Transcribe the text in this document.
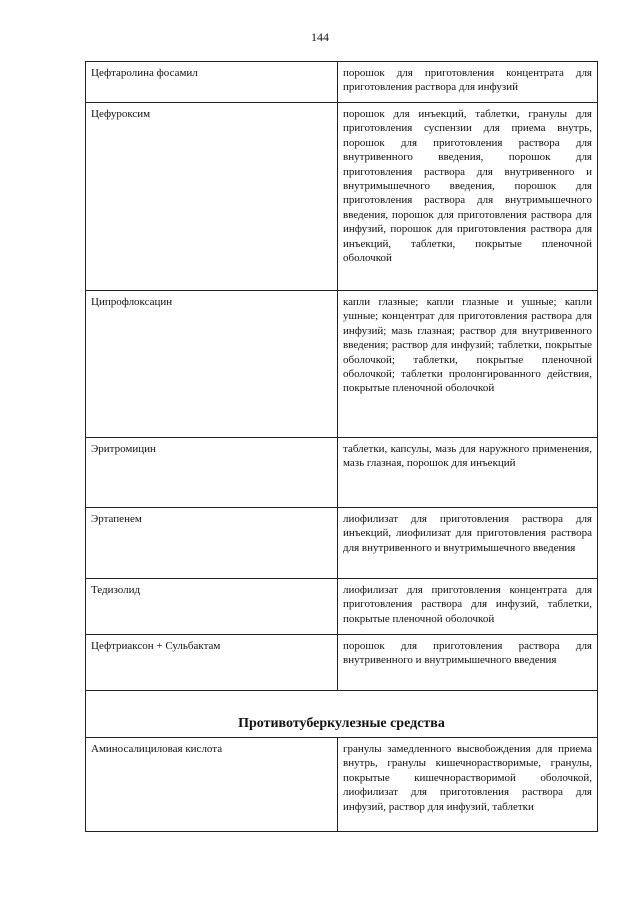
144
Цефтаролина фосамил	порошок для приготовления концентрата для приготовления раствора для инфузий
Цефуроксим	порошок для инъекций, таблетки, гранулы для приготовления суспензии для приема внутрь, порошок для приготовления раствора для внутривенного введения, порошок для приготовления раствора для внутривенного и внутримышечного введения, порошок для приготовления раствора для внутримышечного введения, порошок для приготовления раствора для инфузий, порошок для приготовления раствора для инъекций, таблетки, покрытые пленочной оболочкой
Ципрофлоксацин	капли глазные; капли глазные и ушные; капли ушные; концентрат для приготовления раствора для инфузий; мазь глазная; раствор для внутривенного введения; раствор для инфузий; таблетки, покрытые оболочкой; таблетки, покрытые пленочной оболочкой; таблетки пролонгированного действия, покрытые пленочной оболочкой
Эритромицин	таблетки, капсулы, мазь для наружного применения, мазь глазная, порошок для инъекций
Эртапенем	лиофилизат для приготовления раствора для инъекций, лиофилизат для приготовления раствора для внутривенного и внутримышечного введения
Тедизолид	лиофилизат для приготовления концентрата для приготовления раствора для инфузий, таблетки, покрытые пленочной оболочкой
Цефтриаксон + Сульбактам	порошок для приготовления раствора для внутривенного и внутримышечного введения
Противотуберкулезные средства	
Аминосалициловая кислота	гранулы замедленного высвобождения для приема внутрь, гранулы кишечнорастворимые, гранулы, покрытые кишечнорастворимой оболочкой, лиофилизат для приготовления раствора для инфузий, раствор для инфузий, таблетки
